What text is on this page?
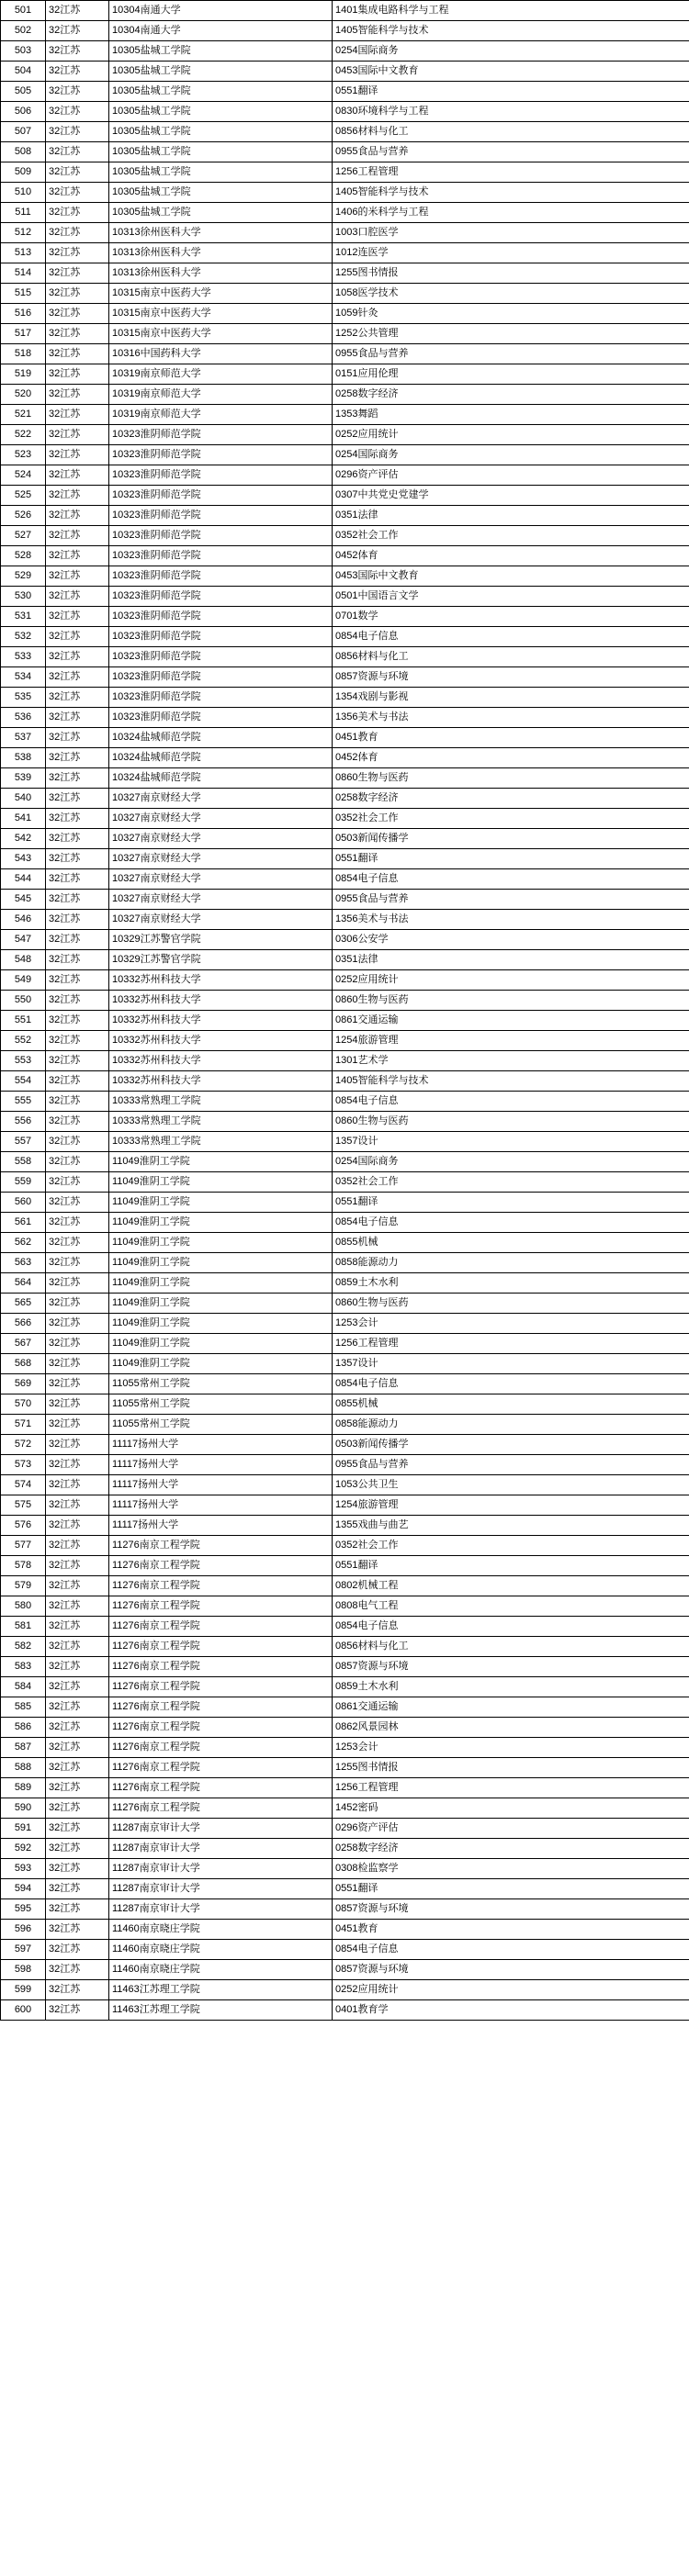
501	32江苏	10304南通大学	1401集成电路科学与工程
502	32江苏	10304南通大学	1405智能科学与技术
503	32江苏	10305盐城工学院	0254国际商务
504	32江苏	10305盐城工学院	0453国际中文教育
505	32江苏	10305盐城工学院	0551翻译
506	32江苏	10305盐城工学院	0830环境科学与工程
507	32江苏	10305盐城工学院	0856材料与化工
508	32江苏	10305盐城工学院	0955食品与营养
509	32江苏	10305盐城工学院	1256工程管理
510	32江苏	10305盐城工学院	1405智能科学与技术
511	32江苏	10305盐城工学院	1406的米科学与工程
512	32江苏	10313徐州医科大学	1003口腔医学
513	32江苏	10313徐州医科大学	1012连医学
514	32江苏	10313徐州医科大学	1255图书情报
515	32江苏	10315南京中医药大学	1058医学技术
516	32江苏	10315南京中医药大学	1059针灸
517	32江苏	10315南京中医药大学	1252公共管理
518	32江苏	10316中国药科大学	0955食品与营养
519	32江苏	10319南京师范大学	0151应用伦理
520	32江苏	10319南京师范大学	0258数字经济
521	32江苏	10319南京师范大学	1353舞蹈
522	32江苏	10323淮阴师范学院	0252应用统计
523	32江苏	10323淮阴师范学院	0254国际商务
524	32江苏	10323淮阴师范学院	0296资产评估
525	32江苏	10323淮阴师范学院	0307中共党史党建学
526	32江苏	10323淮阴师范学院	0351法律
527	32江苏	10323淮阴师范学院	0352社会工作
528	32江苏	10323淮阴师范学院	0452体育
529	32江苏	10323淮阴师范学院	0453国际中文教育
530	32江苏	10323淮阴师范学院	0501中国语言文学
531	32江苏	10323淮阴师范学院	0701数学
532	32江苏	10323淮阴师范学院	0854电子信息
533	32江苏	10323淮阴师范学院	0856材料与化工
534	32江苏	10323淮阴师范学院	0857资源与环境
535	32江苏	10323淮阴师范学院	1354戏剧与影视
536	32江苏	10323淮阴师范学院	1356美术与书法
537	32江苏	10324盐城师范学院	0451教育
538	32江苏	10324盐城师范学院	0452体育
539	32江苏	10324盐城师范学院	0860生物与医药
540	32江苏	10327南京财经大学	0258数字经济
541	32江苏	10327南京财经大学	0352社会工作
542	32江苏	10327南京财经大学	0503新闻传播学
543	32江苏	10327南京财经大学	0551翻译
544	32江苏	10327南京财经大学	0854电子信息
545	32江苏	10327南京财经大学	0955食品与营养
546	32江苏	10327南京财经大学	1356美术与书法
547	32江苏	10329江苏警官学院	0306公安学
548	32江苏	10329江苏警官学院	0351法律
549	32江苏	10332苏州科技大学	0252应用统计
550	32江苏	10332苏州科技大学	0860生物与医药
551	32江苏	10332苏州科技大学	0861交通运输
552	32江苏	10332苏州科技大学	1254旅游管理
553	32江苏	10332苏州科技大学	1301艺术学
554	32江苏	10332苏州科技大学	1405智能科学与技术
555	32江苏	10333常熟理工学院	0854电子信息
556	32江苏	10333常熟理工学院	0860生物与医药
557	32江苏	10333常熟理工学院	1357设计
558	32江苏	11049淮阴工学院	0254国际商务
559	32江苏	11049淮阴工学院	0352社会工作
560	32江苏	11049淮阴工学院	0551翻译
561	32江苏	11049淮阴工学院	0854电子信息
562	32江苏	11049淮阴工学院	0855机械
563	32江苏	11049淮阴工学院	0858能源动力
564	32江苏	11049淮阴工学院	0859土木水利
565	32江苏	11049淮阴工学院	0860生物与医药
566	32江苏	11049淮阴工学院	1253会计
567	32江苏	11049淮阴工学院	1256工程管理
568	32江苏	11049淮阴工学院	1357设计
569	32江苏	11055常州工学院	0854电子信息
570	32江苏	11055常州工学院	0855机械
571	32江苏	11055常州工学院	0858能源动力
572	32江苏	11117扬州大学	0503新闻传播学
573	32江苏	11117扬州大学	0955食品与营养
574	32江苏	11117扬州大学	1053公共卫生
575	32江苏	11117扬州大学	1254旅游管理
576	32江苏	11117扬州大学	1355戏曲与曲艺
577	32江苏	11276南京工程学院	0352社会工作
578	32江苏	11276南京工程学院	0551翻译
579	32江苏	11276南京工程学院	0802机械工程
580	32江苏	11276南京工程学院	0808电气工程
581	32江苏	11276南京工程学院	0854电子信息
582	32江苏	11276南京工程学院	0856材料与化工
583	32江苏	11276南京工程学院	0857资源与环境
584	32江苏	11276南京工程学院	0859土木水利
585	32江苏	11276南京工程学院	0861交通运输
586	32江苏	11276南京工程学院	0862风景园林
587	32江苏	11276南京工程学院	1253会计
588	32江苏	11276南京工程学院	1255图书情报
589	32江苏	11276南京工程学院	1256工程管理
590	32江苏	11276南京工程学院	1452密码
591	32江苏	11287南京审计大学	0296资产评估
592	32江苏	11287南京审计大学	0258数字经济
593	32江苏	11287南京审计大学	0308检监察学
594	32江苏	11287南京审计大学	0551翻译
595	32江苏	11287南京审计大学	0857资源与环境
596	32江苏	11460南京晓庄学院	0451教育
597	32江苏	11460南京晓庄学院	0854电子信息
598	32江苏	11460南京晓庄学院	0857资源与环境
599	32江苏	11463江苏理工学院	0252应用统计
600	32江苏	11463江苏理工学院	0401教育学
